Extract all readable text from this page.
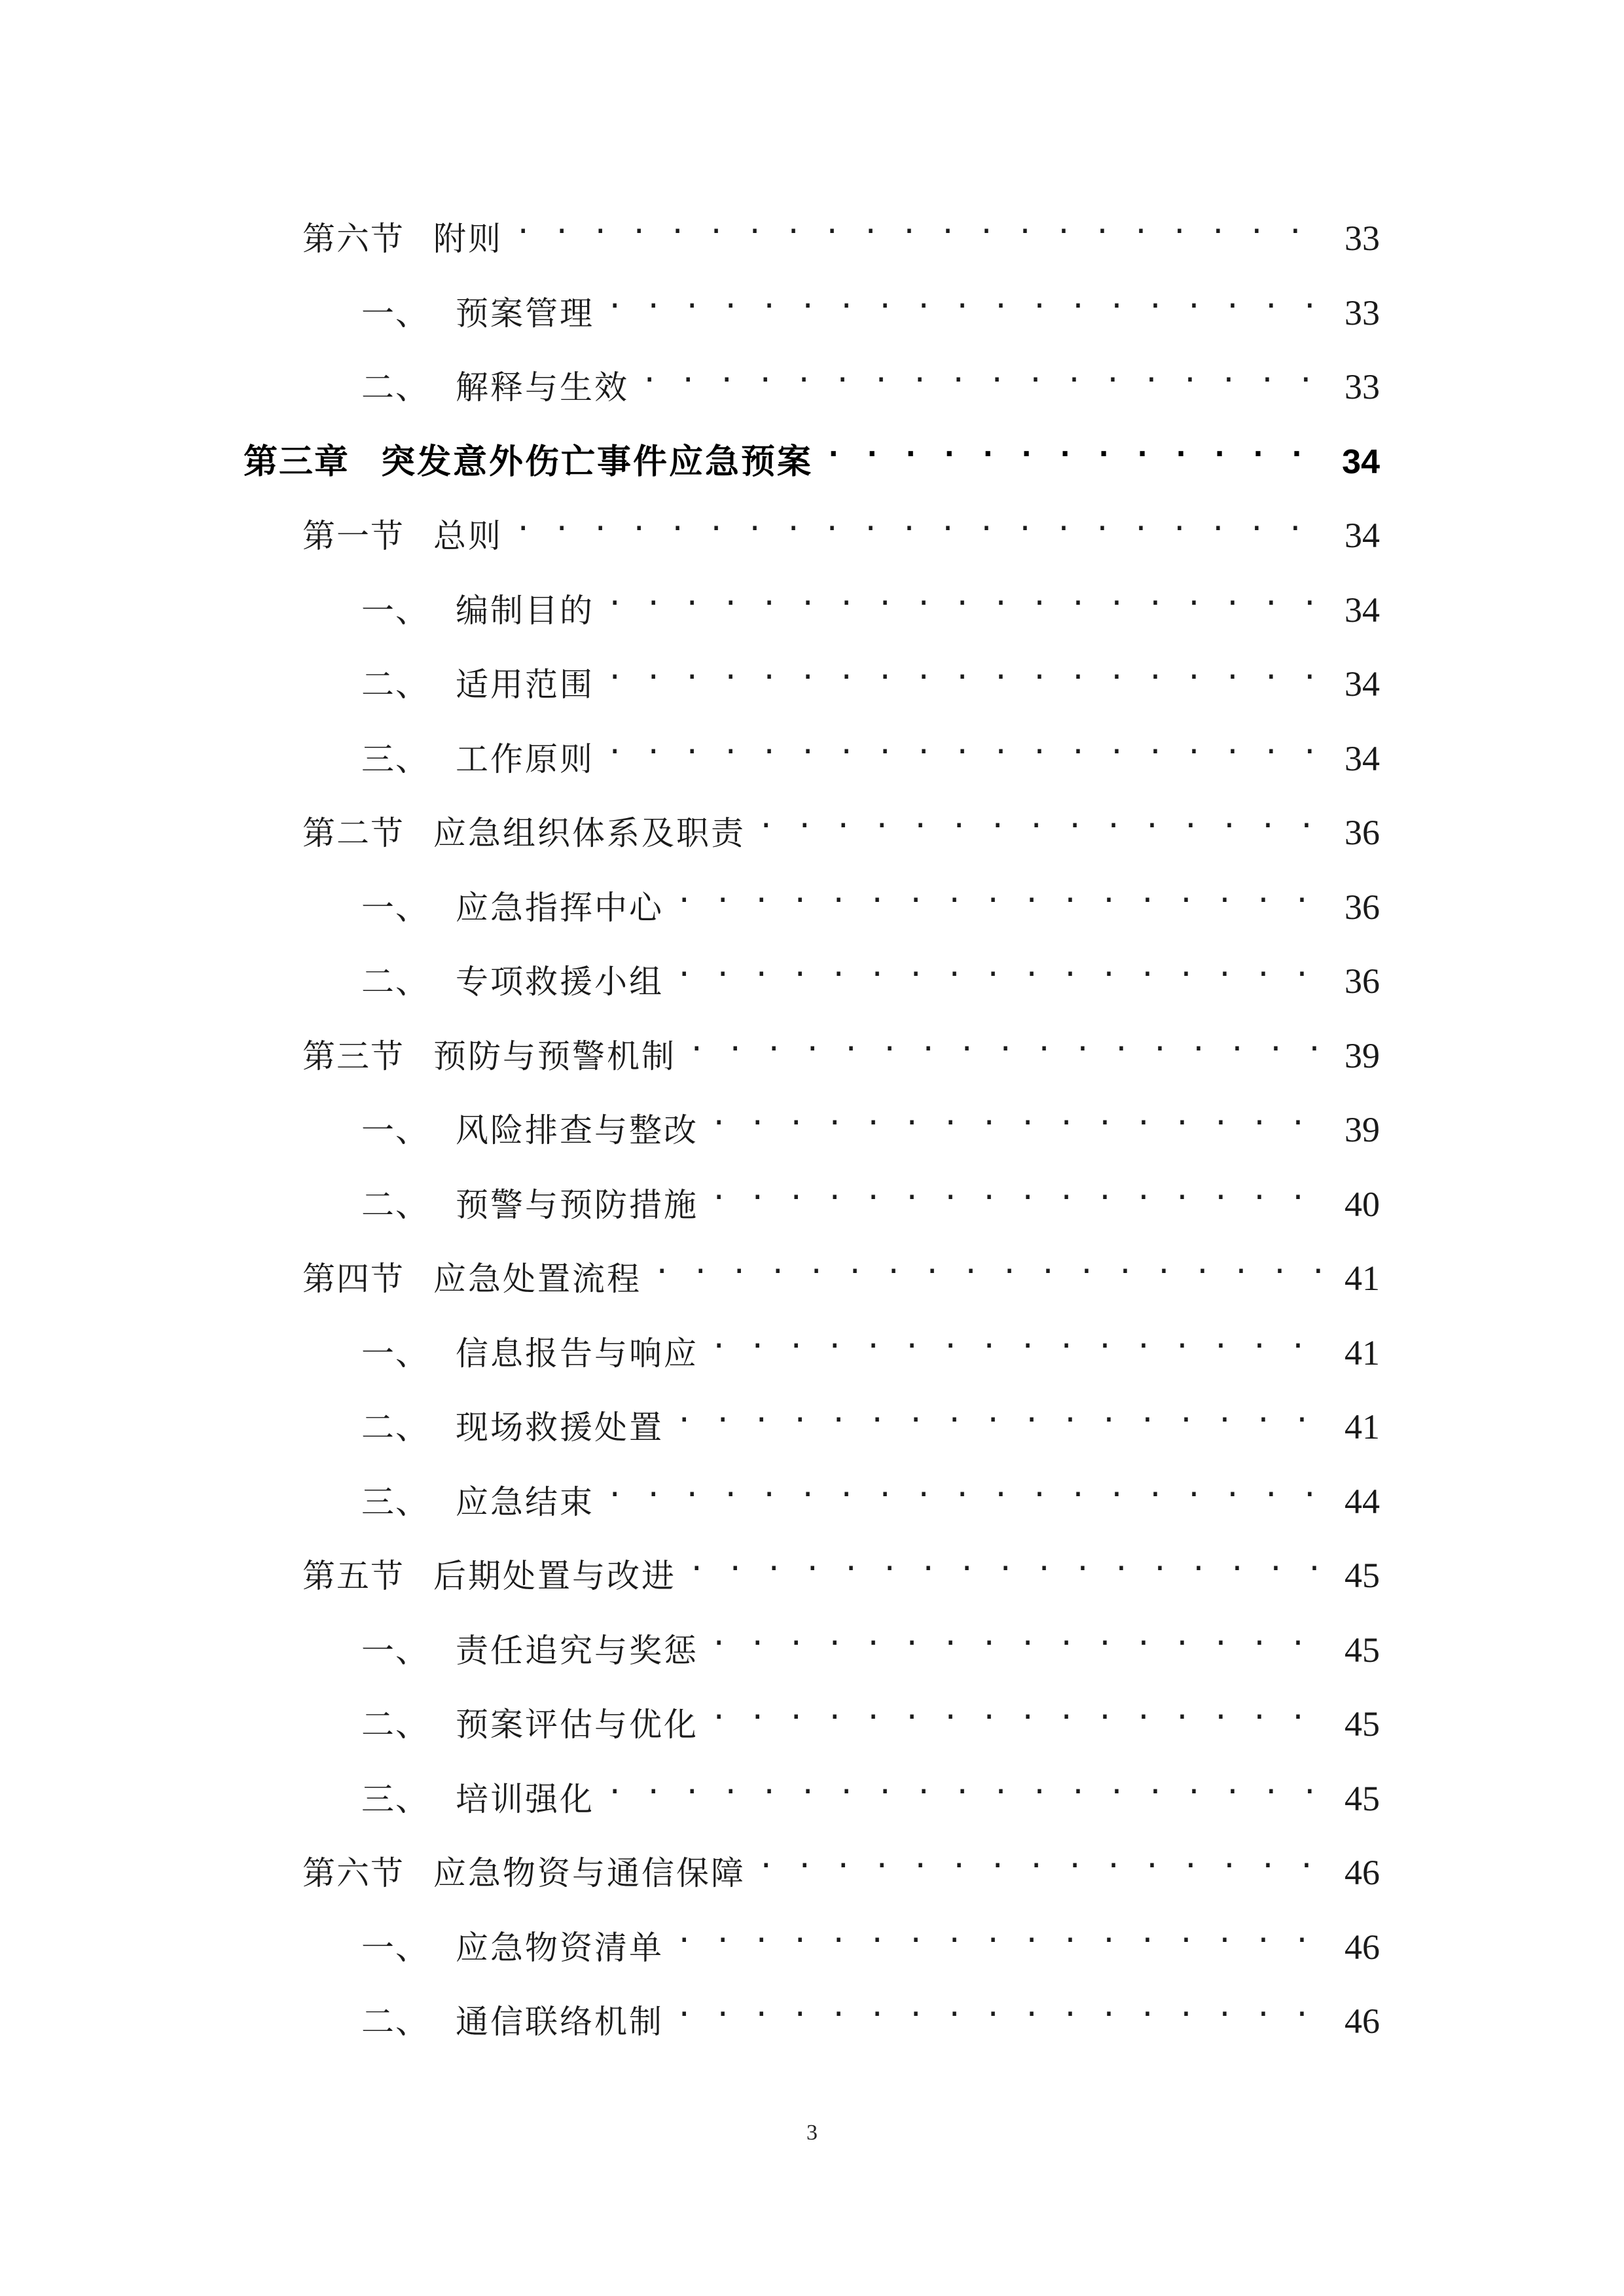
第六节 附则 . . .	33
一、 预案管理 . . .	33
二、 解释与生效 . . .	33
第三章 突发意外伤亡事件应急预案 . . .	34
第一节 总则 . . .	34
一、 编制目的 . . .	34
二、 适用范围 . . .	34
三、 工作原则 . . .	34
第二节 应急组织体系及职责 . . .	36
一、 应急指挥中心 . . .	36
二、 专项救援小组 . . .	36
第三节 预防与预警机制 . . .	39
一、 风险排查与整改 . . .	39
二、 预警与预防措施 . . .	40
第四节 应急处置流程 . . .	41
一、 信息报告与响应 . . .	41
二、 现场救援处置 . . .	41
三、 应急结束 . . .	44
第五节 后期处置与改进 . . .	45
一、 责任追究与奖惩 . . .	45
二、 预案评估与优化 . . .	45
三、 培训强化 . . .	45
第六节 应急物资与通信保障 . . .	46
一、 应急物资清单 . . .	46
二、 通信联络机制 . . .	46
3
